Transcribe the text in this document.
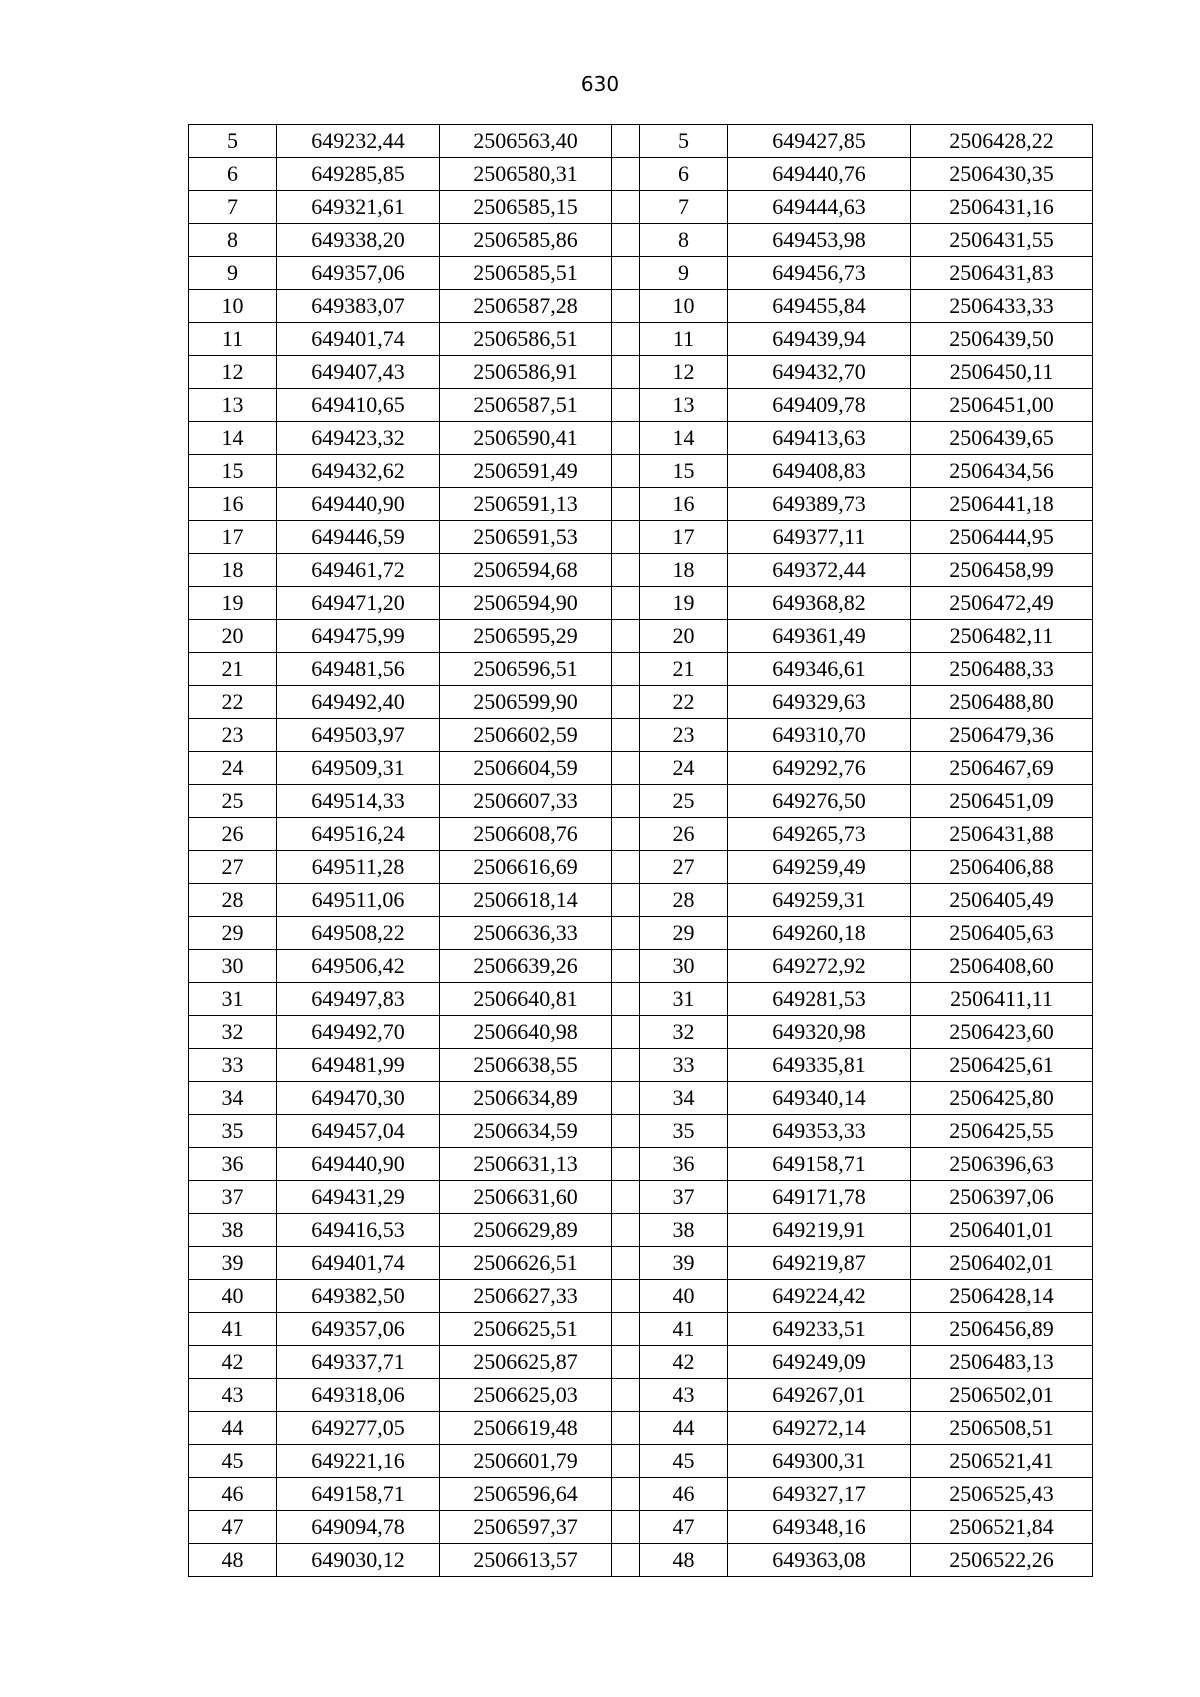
630
5	649232,44	2506563,40		5	649427,85	2506428,22
6	649285,85	2506580,31		6	649440,76	2506430,35
7	649321,61	2506585,15		7	649444,63	2506431,16
8	649338,20	2506585,86		8	649453,98	2506431,55
9	649357,06	2506585,51		9	649456,73	2506431,83
10	649383,07	2506587,28		10	649455,84	2506433,33
11	649401,74	2506586,51		11	649439,94	2506439,50
12	649407,43	2506586,91		12	649432,70	2506450,11
13	649410,65	2506587,51		13	649409,78	2506451,00
14	649423,32	2506590,41		14	649413,63	2506439,65
15	649432,62	2506591,49		15	649408,83	2506434,56
16	649440,90	2506591,13		16	649389,73	2506441,18
17	649446,59	2506591,53		17	649377,11	2506444,95
18	649461,72	2506594,68		18	649372,44	2506458,99
19	649471,20	2506594,90		19	649368,82	2506472,49
20	649475,99	2506595,29		20	649361,49	2506482,11
21	649481,56	2506596,51		21	649346,61	2506488,33
22	649492,40	2506599,90		22	649329,63	2506488,80
23	649503,97	2506602,59		23	649310,70	2506479,36
24	649509,31	2506604,59		24	649292,76	2506467,69
25	649514,33	2506607,33		25	649276,50	2506451,09
26	649516,24	2506608,76		26	649265,73	2506431,88
27	649511,28	2506616,69		27	649259,49	2506406,88
28	649511,06	2506618,14		28	649259,31	2506405,49
29	649508,22	2506636,33		29	649260,18	2506405,63
30	649506,42	2506639,26		30	649272,92	2506408,60
31	649497,83	2506640,81		31	649281,53	2506411,11
32	649492,70	2506640,98		32	649320,98	2506423,60
33	649481,99	2506638,55		33	649335,81	2506425,61
34	649470,30	2506634,89		34	649340,14	2506425,80
35	649457,04	2506634,59		35	649353,33	2506425,55
36	649440,90	2506631,13		36	649158,71	2506396,63
37	649431,29	2506631,60		37	649171,78	2506397,06
38	649416,53	2506629,89		38	649219,91	2506401,01
39	649401,74	2506626,51		39	649219,87	2506402,01
40	649382,50	2506627,33		40	649224,42	2506428,14
41	649357,06	2506625,51		41	649233,51	2506456,89
42	649337,71	2506625,87		42	649249,09	2506483,13
43	649318,06	2506625,03		43	649267,01	2506502,01
44	649277,05	2506619,48		44	649272,14	2506508,51
45	649221,16	2506601,79		45	649300,31	2506521,41
46	649158,71	2506596,64		46	649327,17	2506525,43
47	649094,78	2506597,37		47	649348,16	2506521,84
48	649030,12	2506613,57		48	649363,08	2506522,26
